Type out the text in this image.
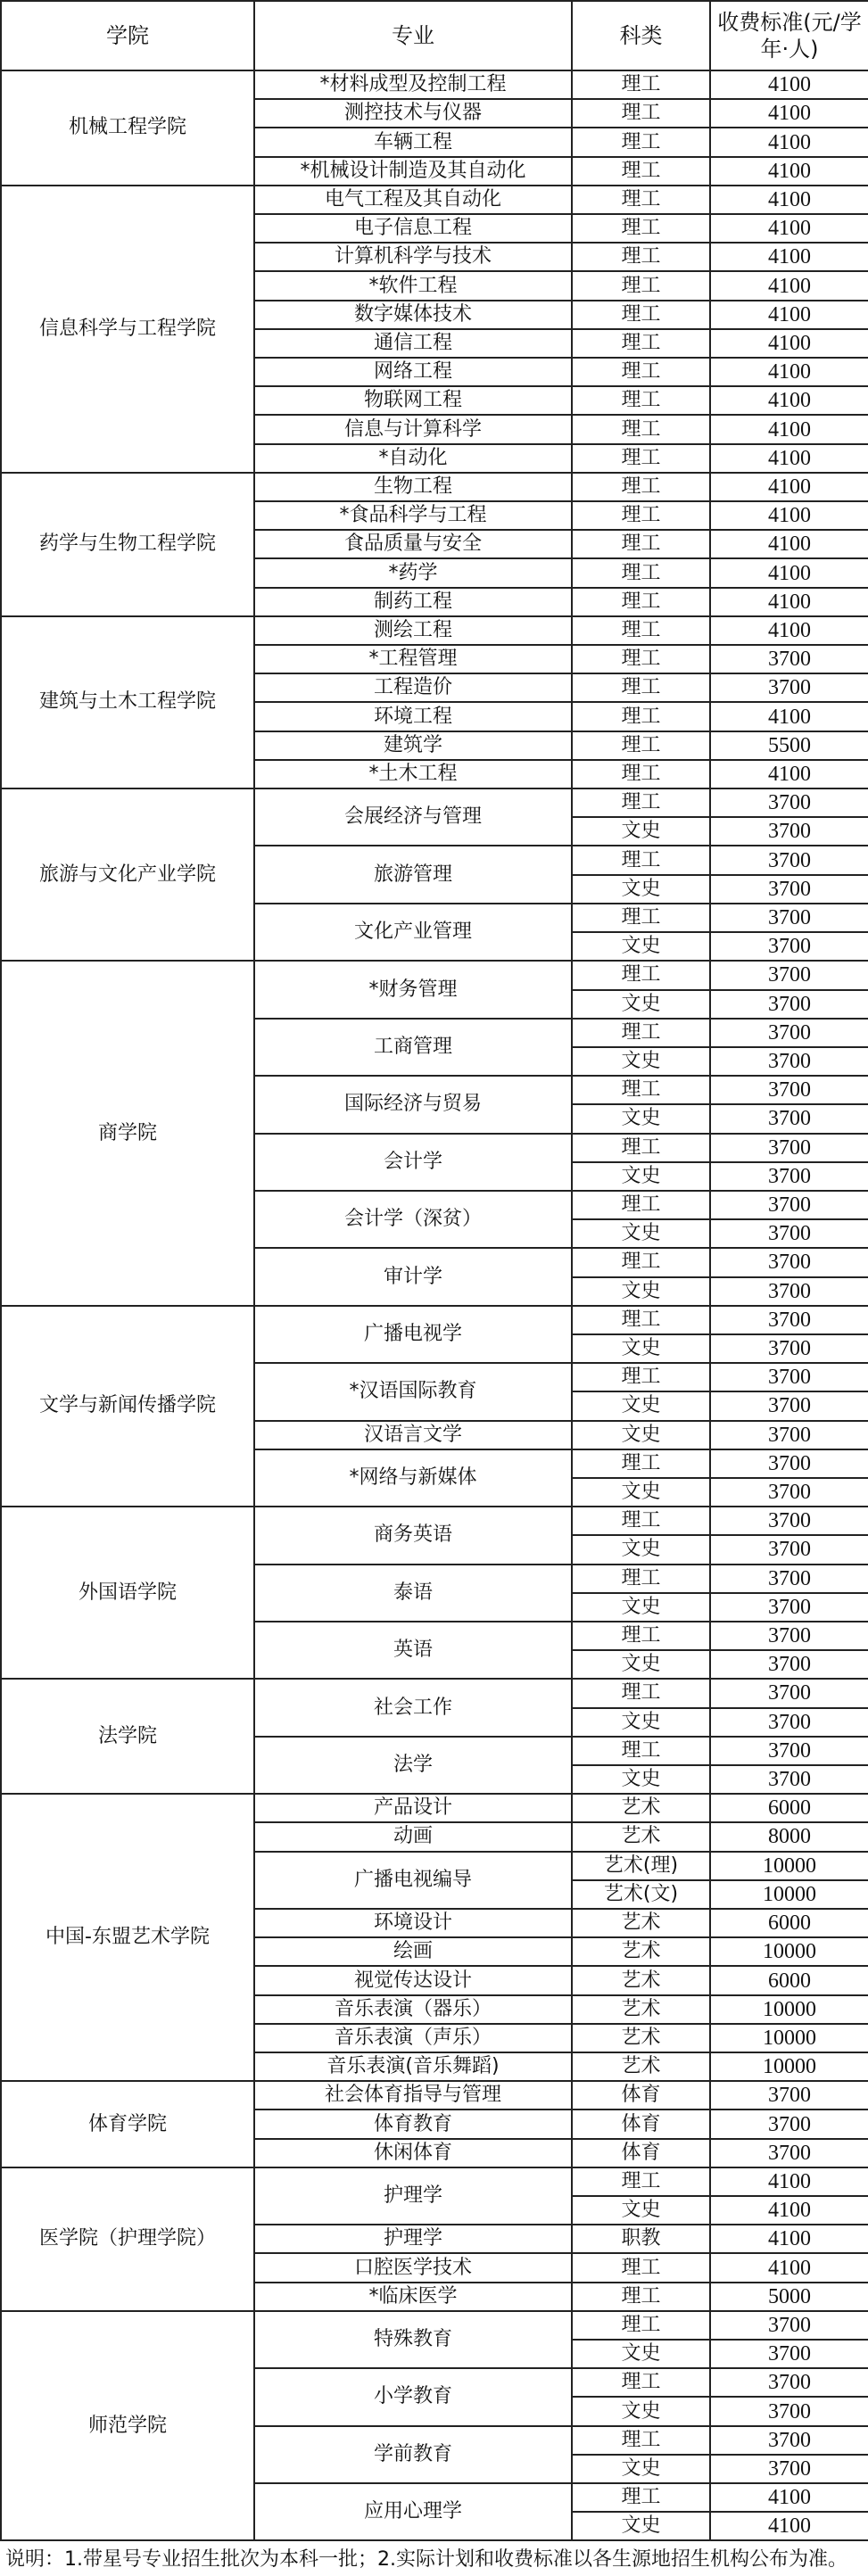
学院	专业	科类	收费标准(元/学年·人)
机械工程学院	*材料成型及控制工程	理工	4100
	测控技术与仪器	理工	4100
	车辆工程	理工	4100
	*机械设计制造及其自动化	理工	4100
信息科学与工程学院	电气工程及其自动化	理工	4100
	电子信息工程	理工	4100
	计算机科学与技术	理工	4100
	*软件工程	理工	4100
	数字媒体技术	理工	4100
	通信工程	理工	4100
	网络工程	理工	4100
	物联网工程	理工	4100
	信息与计算科学	理工	4100
	*自动化	理工	4100
药学与生物工程学院	生物工程	理工	4100
	*食品科学与工程	理工	4100
	食品质量与安全	理工	4100
	*药学	理工	4100
	制药工程	理工	4100
建筑与土木工程学院	测绘工程	理工	4100
	*工程管理	理工	3700
	工程造价	理工	3700
	环境工程	理工	4100
	建筑学	理工	5500
	*土木工程	理工	4100
旅游与文化产业学院	会展经济与管理	理工	3700
		文史	3700
	旅游管理	理工	3700
		文史	3700
	文化产业管理	理工	3700
		文史	3700
商学院	*财务管理	理工	3700
		文史	3700
	工商管理	理工	3700
		文史	3700
	国际经济与贸易	理工	3700
		文史	3700
	会计学	理工	3700
		文史	3700
	会计学（深贫）	理工	3700
		文史	3700
	审计学	理工	3700
		文史	3700
文学与新闻传播学院	广播电视学	理工	3700
		文史	3700
	*汉语国际教育	理工	3700
		文史	3700
	汉语言文学	文史	3700
	*网络与新媒体	理工	3700
		文史	3700
外国语学院	商务英语	理工	3700
		文史	3700
	泰语	理工	3700
		文史	3700
	英语	理工	3700
		文史	3700
法学院	社会工作	理工	3700
		文史	3700
	法学	理工	3700
		文史	3700
中国-东盟艺术学院	产品设计	艺术	6000
	动画	艺术	8000
	广播电视编导	艺术(理)	10000
		艺术(文)	10000
	环境设计	艺术	6000
	绘画	艺术	10000
	视觉传达设计	艺术	6000
	音乐表演（器乐）	艺术	10000
	音乐表演（声乐）	艺术	10000
	音乐表演(音乐舞蹈)	艺术	10000
体育学院	社会体育指导与管理	体育	3700
	体育教育	体育	3700
	休闲体育	体育	3700
医学院（护理学院）	护理学	理工	4100
		文史	4100
	护理学	职教	4100
	口腔医学技术	理工	4100
	*临床医学	理工	5000
师范学院	特殊教育	理工	3700
		文史	3700
	小学教育	理工	3700
		文史	3700
	学前教育	理工	3700
		文史	3700
	应用心理学	理工	4100
		文史	4100
说明：1.带星号专业招生批次为本科一批；2.实际计划和收费标准以各生源地招生机构公布为准。
